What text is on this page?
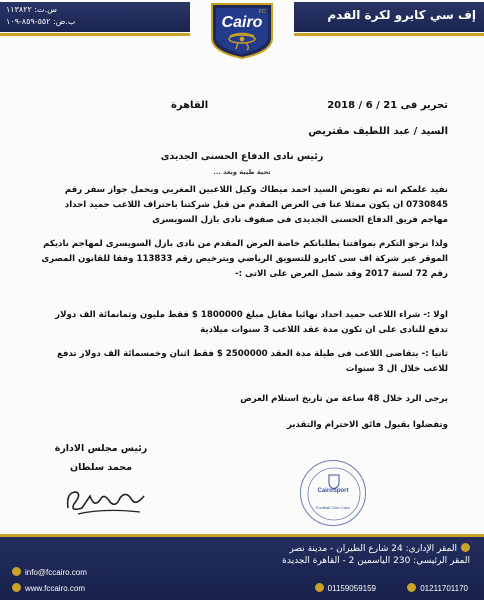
س.ت: ١١٣٨٢٢
ب.ض: ٥٥٢-٨٥٩-١٠٩	إف سي كايرو لكرة القدم
Cairo
FC
تحرير فى 21 / 6 / 2018
القاهرة
السيد / عبد اللطيف مقتريض
رئيس نادى الدفاع الحسنى الجديدى
تحية طيبة وبعد ...
نفيد علمكم انه تم تفويض السيد احمد ميطاك وكيل اللاعبين المغربي ويحمل جواز سفر رقم 0730845 ان يكون ممثلا عنا فى العرض المقدم من قبل شركتنا باحتراف اللاعب حميد احداد مهاجم فريق الدفاع الحسنى الجديدى فى صفوف نادى بازل السويسرى
ولذا نرجو التكرم بموافتنا بطلباتكم خاصة العرض المقدم من نادى بازل السويسرى لمهاجم ناديكم الموقر عبر شركة اف سى كايرو للتسويق الرياضي وبترخيص رقم 113833 وفقا للقانون المصرى رقم 72 لسنة 2017 وقد شمل العرض على الاتى :-
اولا :- شراء اللاعب حميد احداد نهائيا مقابل مبلغ 1800000 $ فقط مليون وثمانمائة الف دولار تدفع للنادى على ان تكون مدة عقد اللاعب 3 سنوات ميلادية
ثانيا :- يتقاضى اللاعب فى طيلة مدة العقد 2500000 $ فقط اثنان وخمسمائة الف دولار تدفع للاعب خلال ال 3 سنوات
يرجى الرد خلال 48 ساعة من تاريخ استلام العرض
وتفضلوا بقبول فائق الاحترام والتقدير
رئيس مجلس الادارة
محمد سلطان
CairoSport
Football Club Cairo
المقر الإداري: 24 شارع الطيران - مدينة نصر
المقر الرئيسي: 230 الياسمين 2 - القاهرة الجديدة
info@fccairo.com
www.fccairo.com	01211701170
01159059159
